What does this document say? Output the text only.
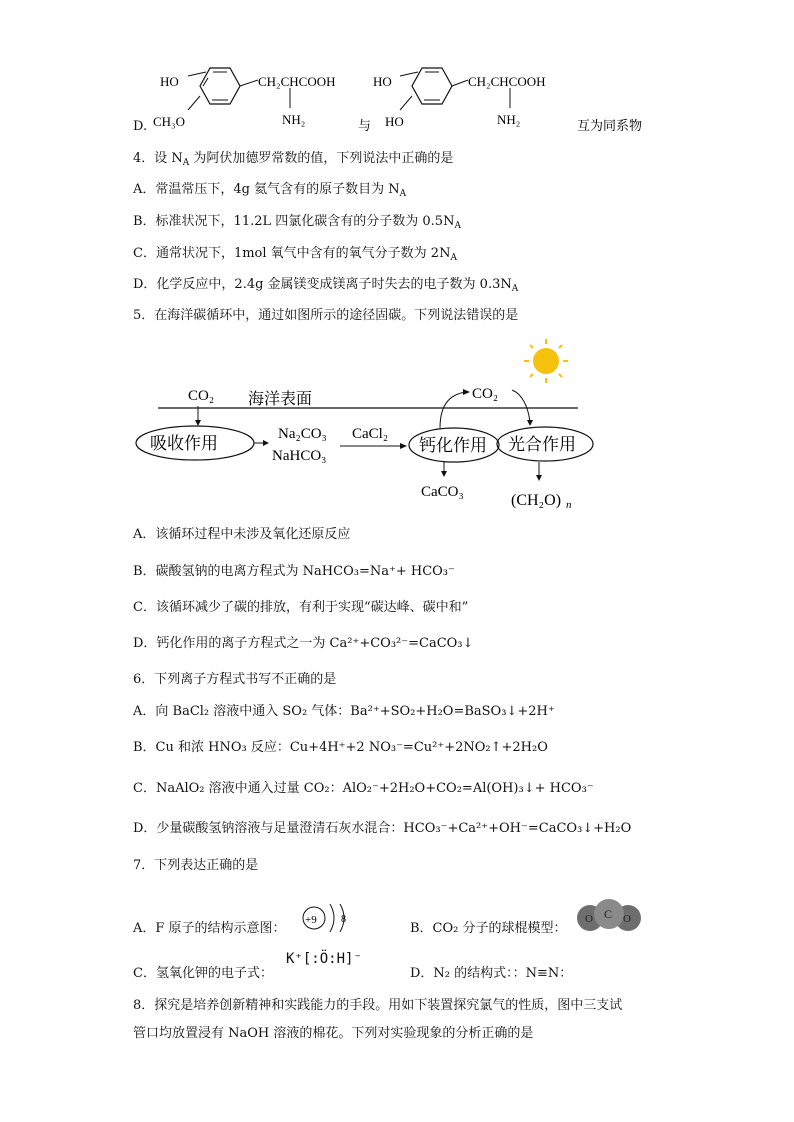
D.
HO	CH₂CHCOOH
NH₂
CH₃O
HO
HO
CH₂CHCOOH
NH₂
与	互为同系物
4．设 $N_A$ 为阿伏加德罗常数的值，下列说法中正确的是
A．常温常压下，4g 氦气含有的原子数目为 $N_A$
B．标准状况下，11.2L 四氯化碳含有的分子数为 $0.5N_A$
C．通常状况下，1mol 氧气中含有的氧气分子数为 $2N_A$
D．化学反应中，2.4g 金属镁变成镁离子时失去的电子数为 $0.3N_A$
5．在海洋碳循环中，通过如图所示的途径固碳。下列说法错误的是
海洋表面
CO₂
吸收作用	Na₂CO₃
NaHCO₃
CaCl₂
钙化作用 光合作用
CO₂
CaCO₃	(CH₂O) n
A．该循环过程中未涉及氧化还原反应
B．碳酸氢钠的电离方程式为 NaHCO₃=Na⁺+ HCO₃⁻
C．该循环减少了碳的排放，有利于实现“碳达峰、碳中和”
D．钙化作用的离子方程式之一为 Ca²⁺+CO₃²⁻=CaCO₃↓
6．下列离子方程式书写不正确的是
A．向 BaCl₂ 溶液中通入 SO₂ 气体：Ba²⁺+SO₂+H₂O=BaSO₃↓+2H⁺
B．Cu 和浓 HNO₃ 反应：Cu+4H⁺+2 NO₃⁻=Cu²⁺+2NO₂↑+2H₂O
C．NaAlO₂ 溶液中通入过量 CO₂：AlO₂⁻+2H₂O+CO₂=Al(OH)₃↓+ HCO₃⁻
D．少量碳酸氢钠溶液与足量澄清石灰水混合：HCO₃⁻+Ca²⁺+OH⁻=CaCO₃↓+H₂O
7．下列表达正确的是
A．F 原子的结构示意图：
+9 8
B．CO₂ 分子的球棍模型：
O C O
C．氢氧化钾的电子式：
K⁺[:Ö:H]⁻
D．N₂ 的结构式：：N≡N：
8．探究是培养创新精神和实践能力的手段。用如下装置探究氯气的性质，图中三支试
管口均放置浸有 NaOH 溶液的棉花。下列对实验现象的分析正确的是
